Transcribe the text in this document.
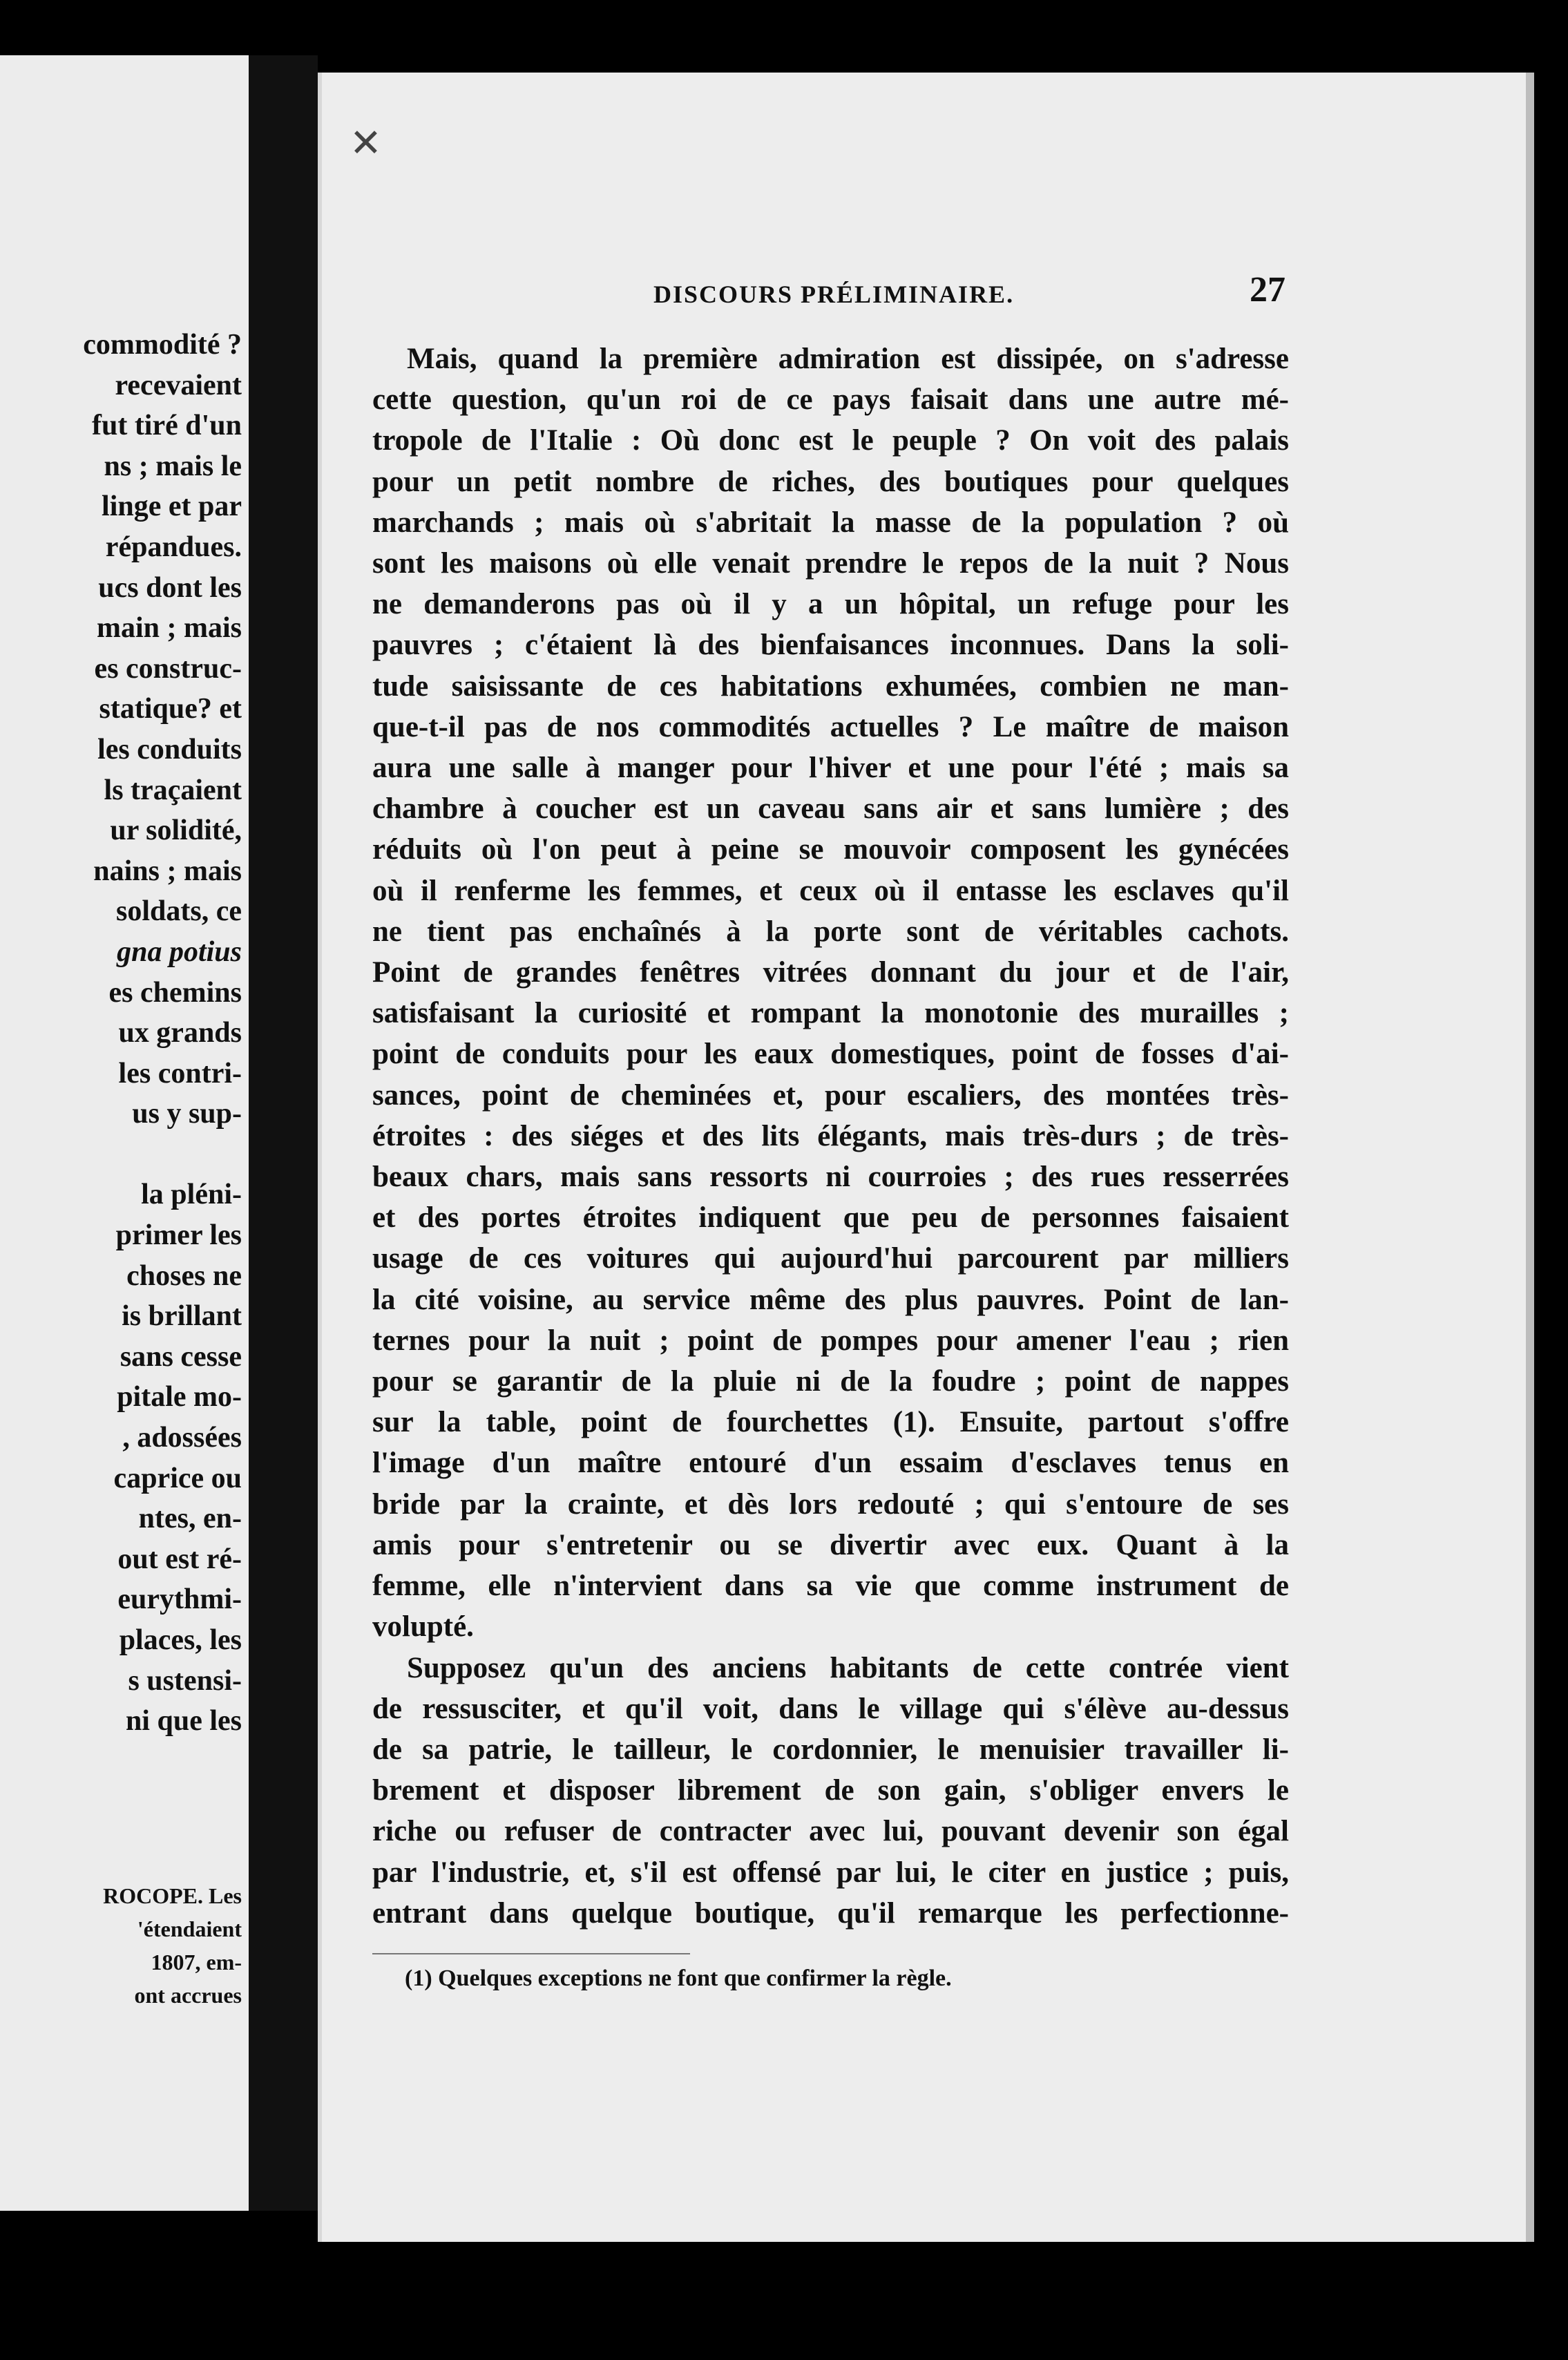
commodité ?
recevaient
fut tiré d'un
ns ; mais le
linge et par
répandues.
ucs dont les
main ; mais
es construc-
statique? et
les conduits
ls traçaient
ur solidité,
nains ; mais
soldats, ce
gna potius
es chemins
ux grands
les contri-
us y sup-
la pléni-
primer les
choses ne
is brillant
sans cesse
pitale mo-
, adossées
caprice ou
ntes, en-
out est ré-
eurythmi-
places, les
s ustensi-
ni que les
ROCOPE. Les
'étendaient
1807, em-
ont accrues
✕
DISCOURS PRÉLIMINAIRE.	27
Mais, quand la première admiration est dissipée, on s'adresse
cette question, qu'un roi de ce pays faisait dans une autre mé-
tropole de l'Italie : Où donc est le peuple ? On voit des palais
pour un petit nombre de riches, des boutiques pour quelques
marchands ; mais où s'abritait la masse de la population ? où
sont les maisons où elle venait prendre le repos de la nuit ? Nous
ne demanderons pas où il y a un hôpital, un refuge pour les
pauvres ; c'étaient là des bienfaisances inconnues. Dans la soli-
tude saisissante de ces habitations exhumées, combien ne man-
que-t-il pas de nos commodités actuelles ? Le maître de maison
aura une salle à manger pour l'hiver et une pour l'été ; mais sa
chambre à coucher est un caveau sans air et sans lumière ; des
réduits où l'on peut à peine se mouvoir composent les gynécées
où il renferme les femmes, et ceux où il entasse les esclaves qu'il
ne tient pas enchaînés à la porte sont de véritables cachots.
Point de grandes fenêtres vitrées donnant du jour et de l'air,
satisfaisant la curiosité et rompant la monotonie des murailles ;
point de conduits pour les eaux domestiques, point de fosses d'ai-
sances, point de cheminées et, pour escaliers, des montées très-
étroites : des siéges et des lits élégants, mais très-durs ; de très-
beaux chars, mais sans ressorts ni courroies ; des rues resserrées
et des portes étroites indiquent que peu de personnes faisaient
usage de ces voitures qui aujourd'hui parcourent par milliers
la cité voisine, au service même des plus pauvres. Point de lan-
ternes pour la nuit ; point de pompes pour amener l'eau ; rien
pour se garantir de la pluie ni de la foudre ; point de nappes
sur la table, point de fourchettes (1). Ensuite, partout s'offre
l'image d'un maître entouré d'un essaim d'esclaves tenus en
bride par la crainte, et dès lors redouté ; qui s'entoure de ses
amis pour s'entretenir ou se divertir avec eux. Quant à la
femme, elle n'intervient dans sa vie que comme instrument de
volupté.
Supposez qu'un des anciens habitants de cette contrée vient
de ressusciter, et qu'il voit, dans le village qui s'élève au-dessus
de sa patrie, le tailleur, le cordonnier, le menuisier travailler li-
brement et disposer librement de son gain, s'obliger envers le
riche ou refuser de contracter avec lui, pouvant devenir son égal
par l'industrie, et, s'il est offensé par lui, le citer en justice ; puis,
entrant dans quelque boutique, qu'il remarque les perfectionne-
(1) Quelques exceptions ne font que confirmer la règle.
